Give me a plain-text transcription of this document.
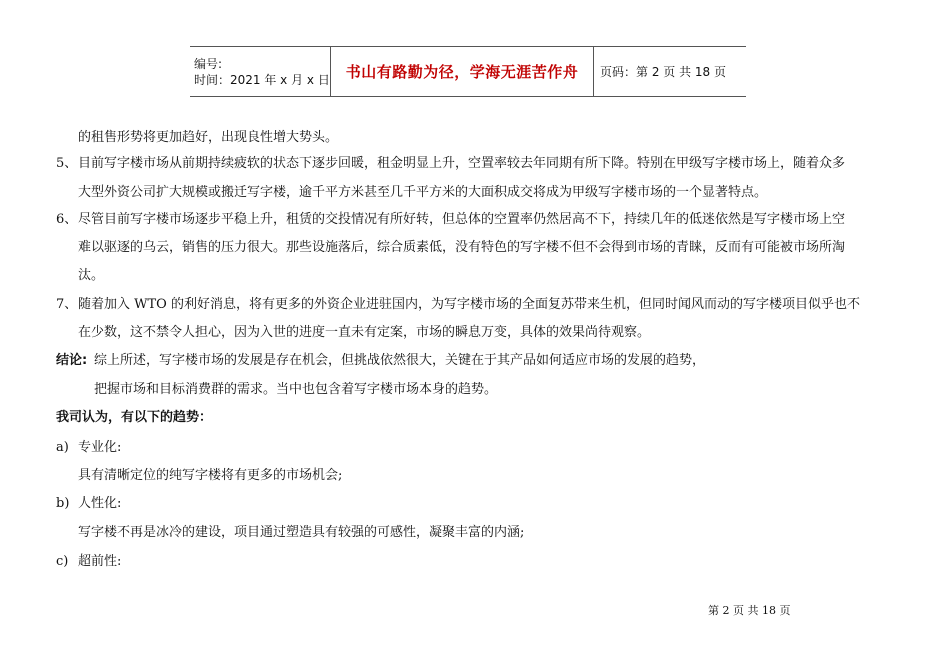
编号:
时间：2021 年 x 月 x 日 书山有路勤为径，学海无涯苦作舟 页码：第 2 页 共 18 页
的租售形势将更加趋好，出现良性增大势头。
5、 目前写字楼市场从前期持续疲软的状态下逐步回暖，租金明显上升，空置率较去年同期有所下降。特别在甲级写字楼市场上，随着众多
大型外资公司扩大规模或搬迁写字楼，逾千平方米甚至几千平方米的大面积成交将成为甲级写字楼市场的一个显著特点。
6、 尽管目前写字楼市场逐步平稳上升，租赁的交投情况有所好转，但总体的空置率仍然居高不下，持续几年的低迷依然是写字楼市场上空
难以驱逐的乌云，销售的压力很大。那些设施落后，综合质素低，没有特色的写字楼不但不会得到市场的青睐，反而有可能被市场所淘
汰。
7、 随着加入 WTO 的利好消息，将有更多的外资企业进驻国内，为写字楼市场的全面复苏带来生机，但同时闻风而动的写字楼项目似乎也不
在少数，这不禁令人担心，因为入世的进度一直未有定案，市场的瞬息万变，具体的效果尚待观察。
结论: 综上所述，写字楼市场的发展是存在机会，但挑战依然很大，关键在于其产品如何适应市场的发展的趋势，
把握市场和目标消费群的需求。当中也包含着写字楼市场本身的趋势。
我司认为，有以下的趋势：
a) 专业化:
具有清晰定位的纯写字楼将有更多的市场机会;
b) 人性化:
写字楼不再是冰冷的建设，项目通过塑造具有较强的可感性，凝聚丰富的内涵;
c) 超前性:
第 2 页 共 18 页
